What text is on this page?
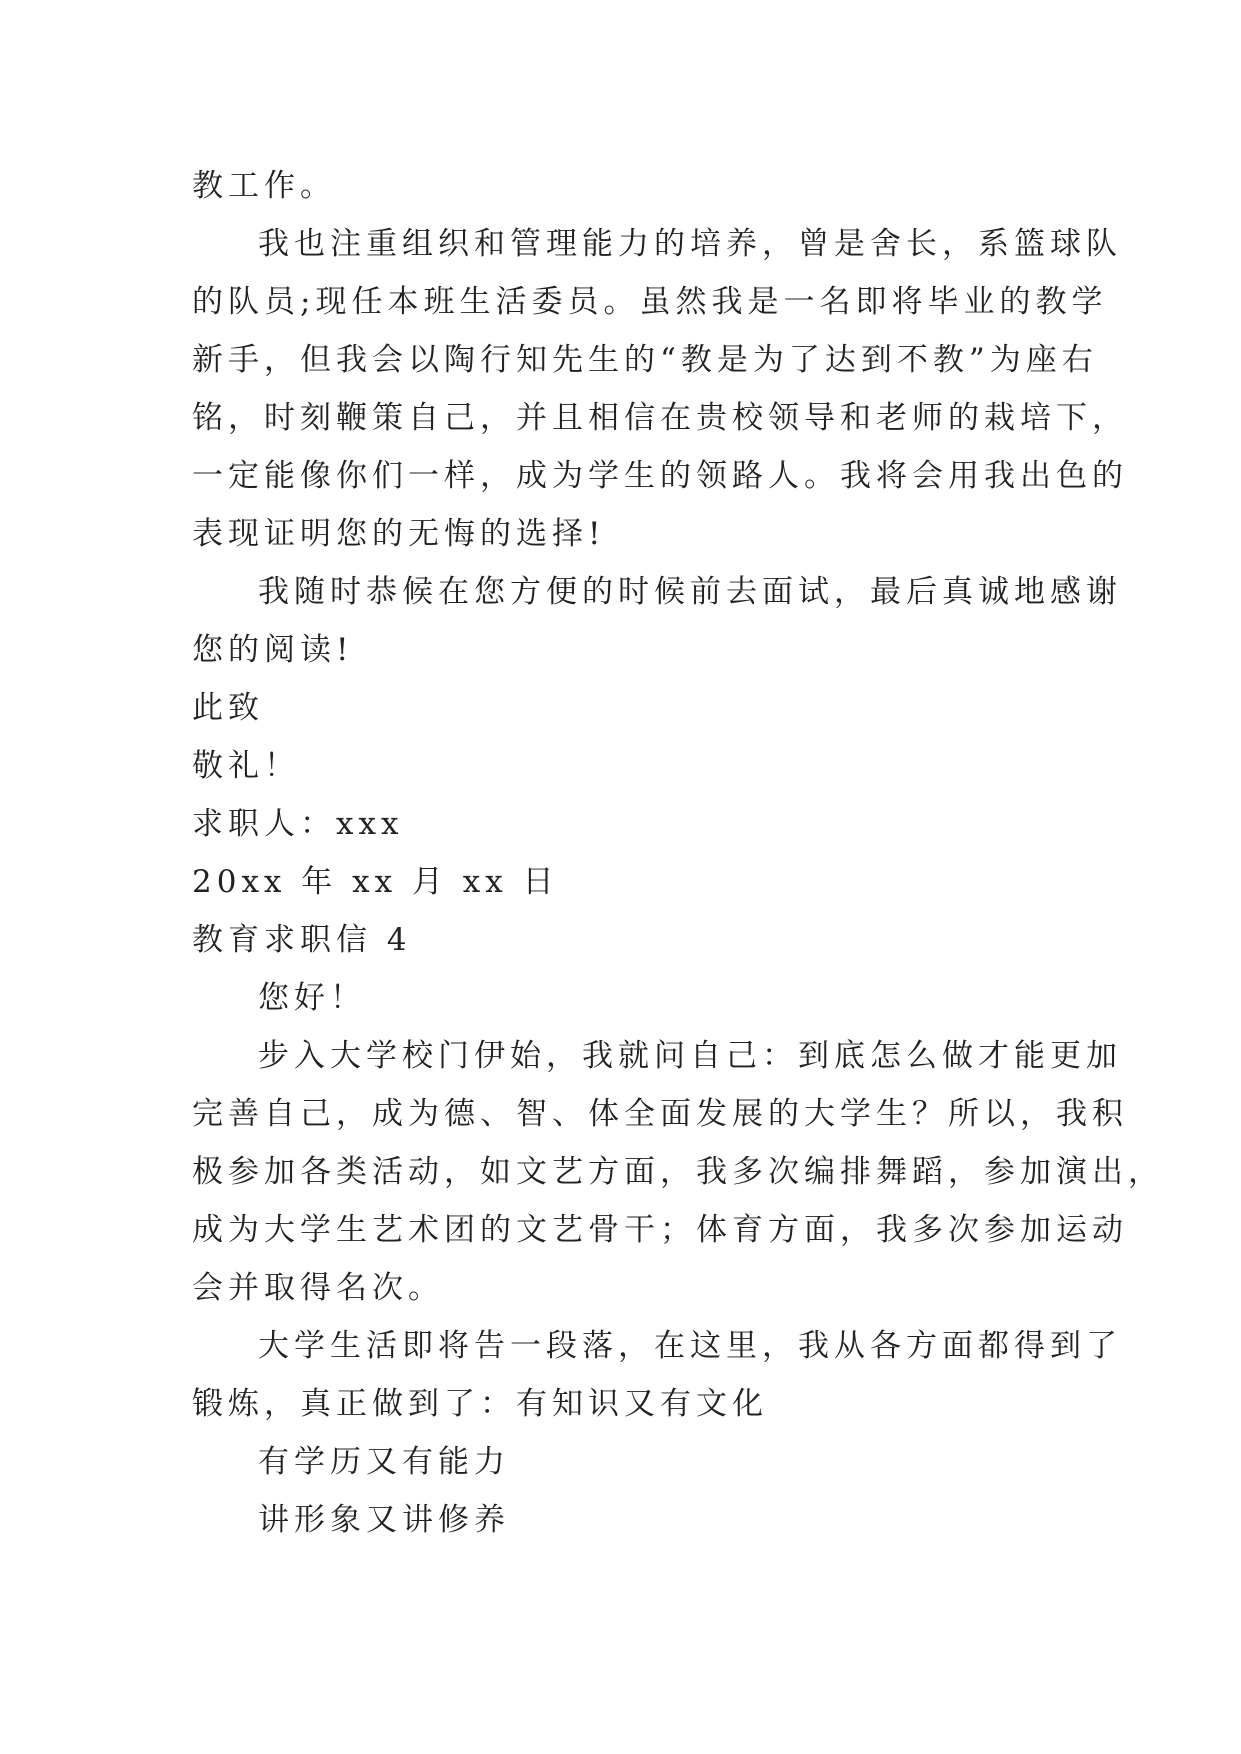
教工作。
我也注重组织和管理能力的培养，曾是舍长，系篮球队
的队员;现任本班生活委员。虽然我是一名即将毕业的教学
新手，但我会以陶行知先生的“教是为了达到不教”为座右
铭，时刻鞭策自己，并且相信在贵校领导和老师的栽培下，
一定能像你们一样，成为学生的领路人。我将会用我出色的
表现证明您的无悔的选择!
我随时恭候在您方便的时候前去面试，最后真诚地感谢
您的阅读!
此致
敬礼！
求职人：xxx
20xx 年 xx 月 xx 日
教育求职信 4
您好！
步入大学校门伊始，我就问自己：到底怎么做才能更加
完善自己，成为德、智、体全面发展的大学生？所以，我积
极参加各类活动，如文艺方面，我多次编排舞蹈，参加演出，
成为大学生艺术团的文艺骨干；体育方面，我多次参加运动
会并取得名次。
大学生活即将告一段落，在这里，我从各方面都得到了
锻炼，真正做到了：有知识又有文化
有学历又有能力
讲形象又讲修养
